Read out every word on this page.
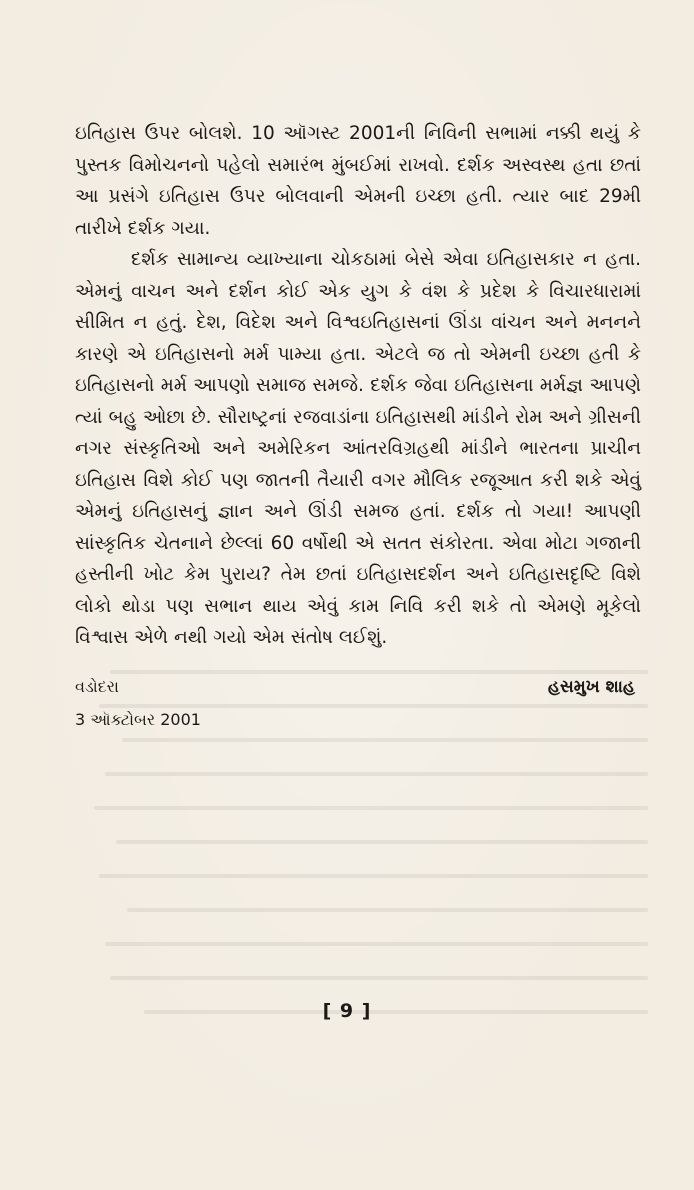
ઇતિહાસ ઉપર બોલશે. 10 ઑગસ્ટ 2001ની નિવિની સભામાં નક્કી થયું કે પુસ્તક વિમોચનનો પહેલો સમારંભ મુંબઈમાં રાખવો. દર્શક અસ્વસ્થ હતા છતાં આ પ્રસંગે ઇતિહાસ ઉપર બોલવાની એમની ઇચ્છા હતી. ત્યાર બાદ 29મી તારીખે દર્શક ગયા.

દર્શક સામાન્ય વ્યાખ્યાના ચોકઠામાં બેસે એવા ઇતિહાસકાર ન હતા. એમનું વાચન અને દર્શન કોઈ એક યુગ કે વંશ કે પ્રદેશ કે વિચારધારામાં સીમિત ન હતું. દેશ, વિદેશ અને વિશ્વઇતિહાસનાં ઊંડા વાંચન અને મનનને કારણે એ ઇતિહાસનો મર્મ પામ્યા હતા. એટલે જ તો એમની ઇચ્છા હતી કે ઇતિહાસનો મર્મ આપણો સમાજ સમજે. દર્શક જેવા ઇતિહાસના મર્મજ્ઞ આપણે ત્યાં બહુ ઓછા છે. સૌરાષ્ટ્રનાં રજવાડાંના ઇતિહાસથી માંડીને રોમ અને ગ્રીસની નગર સંસ્કૃતિઓ અને અમેરિકન આંતરવિગ્રહથી માંડીને ભારતના પ્રાચીન ઇતિહાસ વિશે કોઈ પણ જાતની તૈયારી વગર મૌલિક રજૂઆત કરી શકે એવું એમનું ઇતિહાસનું જ્ઞાન અને ઊંડી સમજ હતાં. દર્શક તો ગયા! આપણી સાંસ્કૃતિક ચેતનાને છેલ્લાં 60 વર્ષોથી એ સતત સંકોરતા. એવા મોટા ગજાની હસ્તીની ખોટ કેમ પુરાય? તેમ છતાં ઇતિહાસદર્શન અને ઇતિહાસદૃષ્ટિ વિશે લોકો થોડા પણ સભાન થાય એવું કામ નિવિ કરી શકે તો એમણે મૂકેલો વિશ્વાસ એળે નથી ગયો એમ સંતોષ લઈશું.

વડોદરા	હસમુખ શાહ
3 ઑક્ટોબર 2001
[ 9 ]
